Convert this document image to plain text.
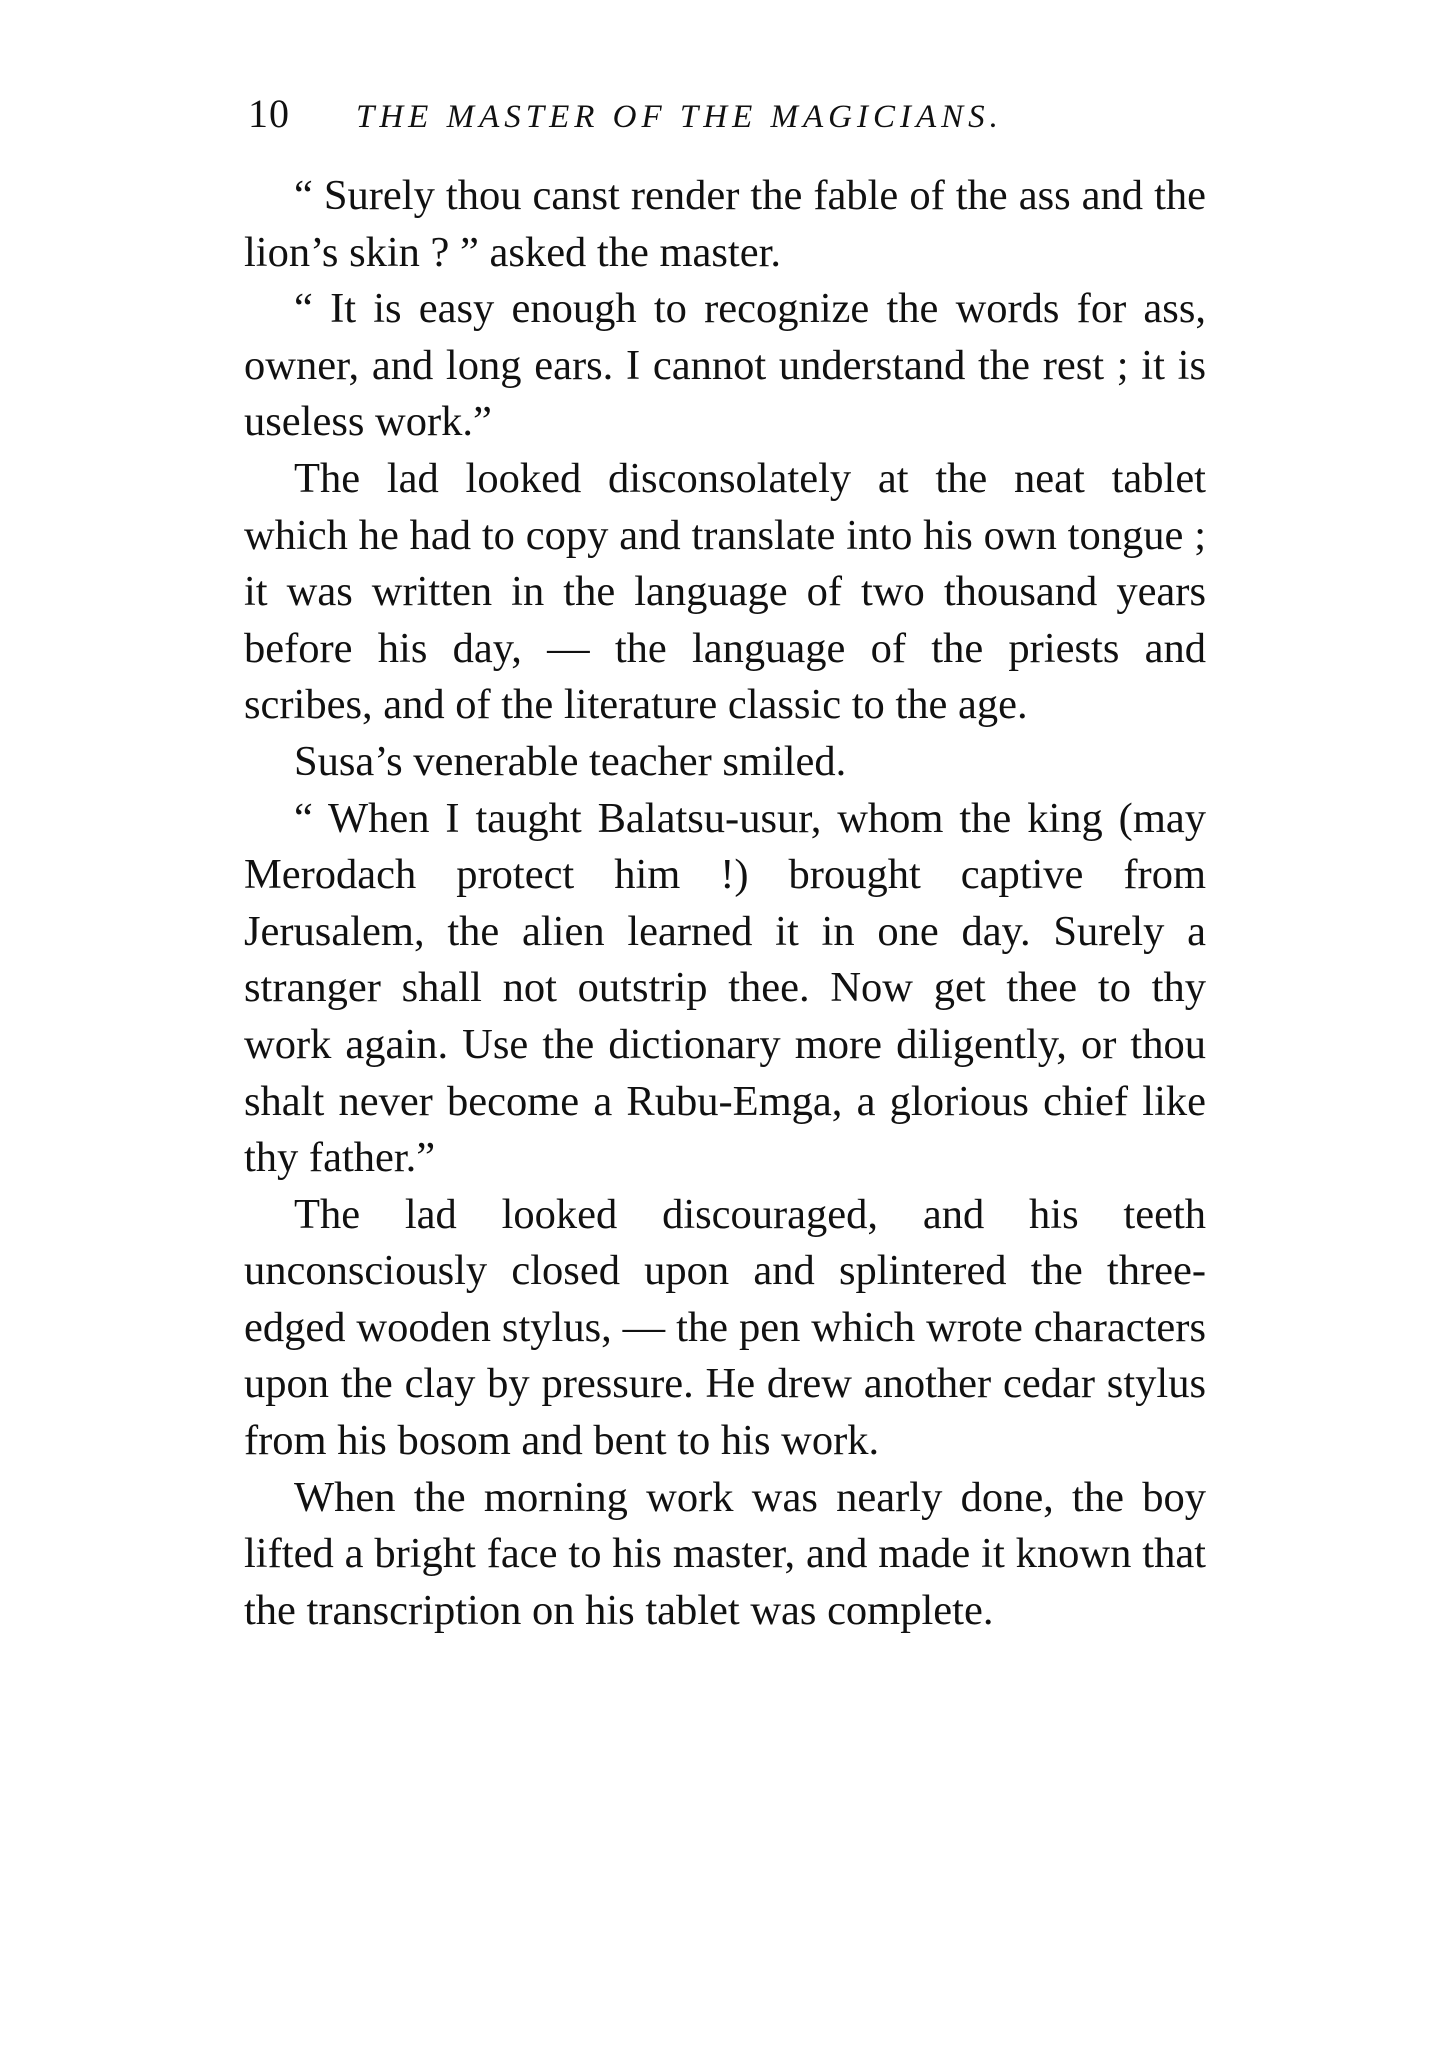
10 THE MASTER OF THE MAGICIANS.

“ Surely thou canst render the fable of the ass and the lion’s skin ? ” asked the master.

“ It is easy enough to recognize the words for ass, owner, and long ears. I cannot understand the rest ; it is useless work.”

The lad looked disconsolately at the neat tablet which he had to copy and translate into his own tongue ; it was written in the language of two thousand years before his day, — the language of the priests and scribes, and of the literature classic to the age.

Susa’s venerable teacher smiled.

“ When I taught Balatsu-usur, whom the king (may Merodach protect him !) brought captive from Jerusalem, the alien learned it in one day. Surely a stranger shall not outstrip thee. Now get thee to thy work again. Use the dictionary more diligently, or thou shalt never become a Rubu-Emga, a glorious chief like thy father.”

The lad looked discouraged, and his teeth unconsciously closed upon and splintered the three-edged wooden stylus, — the pen which wrote characters upon the clay by pressure. He drew another cedar stylus from his bosom and bent to his work.

When the morning work was nearly done, the boy lifted a bright face to his master, and made it known that the transcription on his tablet was complete.
